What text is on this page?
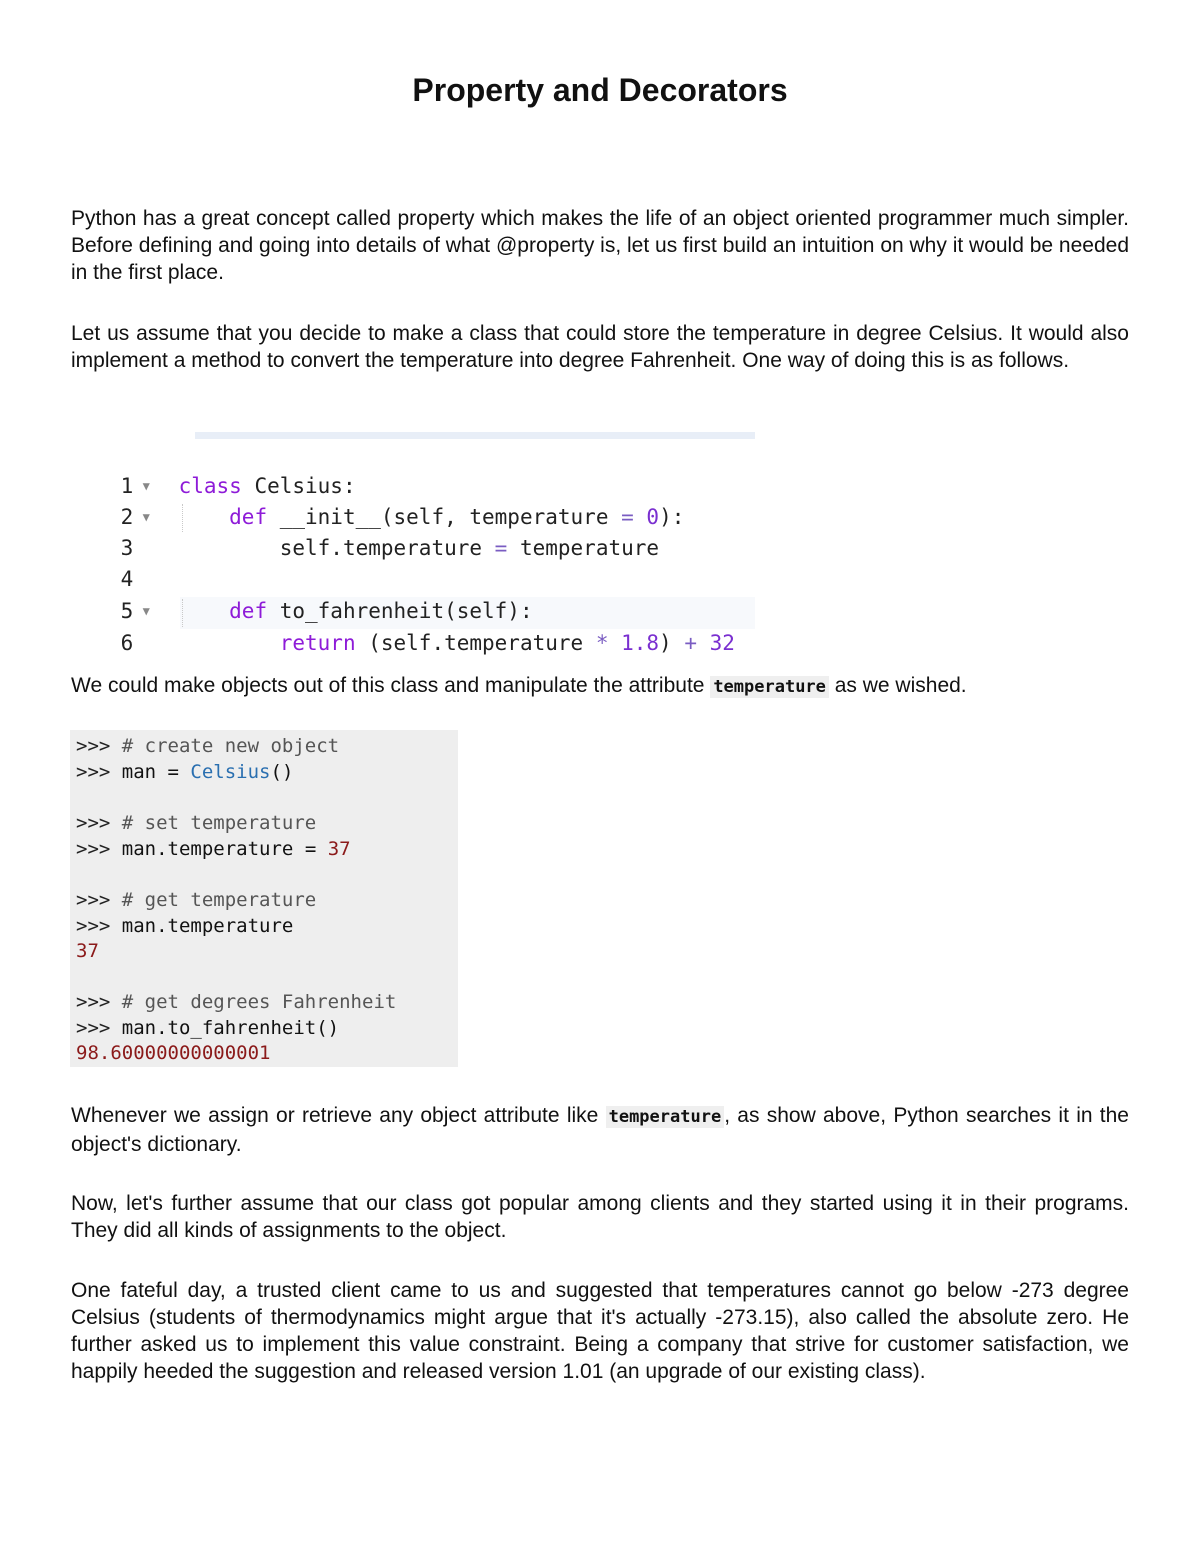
Property and Decorators

Python has a great concept called property which makes the life of an object oriented programmer much simpler. Before defining and going into details of what @property is, let us first build an intuition on why it would be needed in the first place.

Let us assume that you decide to make a class that could store the temperature in degree Celsius. It would also implement a method to convert the temperature into degree Fahrenheit. One way of doing this is as follows.

1 ▼ class Celsius:

2 ▼	def __init__(self, temperature = 0):

3	self.temperature = temperature

4

5 ▼	def to_fahrenheit(self):

6	return (self.temperature * 1.8) + 32

We could make objects out of this class and manipulate the attribute temperature as we wished.

>>> # create new object
>>> man = Celsius()
>>> # set temperature
>>> man.temperature = 37
>>> # get temperature
>>> man.temperature
37
>>> # get degrees Fahrenheit
>>> man.to_fahrenheit()
98.60000000000001

Whenever we assign or retrieve any object attribute like temperature , as show above, Python searches it in the object's dictionary.

Now, let's further assume that our class got popular among clients and they started using it in their programs. They did all kinds of assignments to the object.

One fateful day, a trusted client came to us and suggested that temperatures cannot go below -273 degree Celsius (students of thermodynamics might argue that it's actually -273.15), also called the absolute zero. He further asked us to implement this value constraint. Being a company that strive for customer satisfaction, we happily heeded the suggestion and released version 1.01 (an upgrade of our existing class).
